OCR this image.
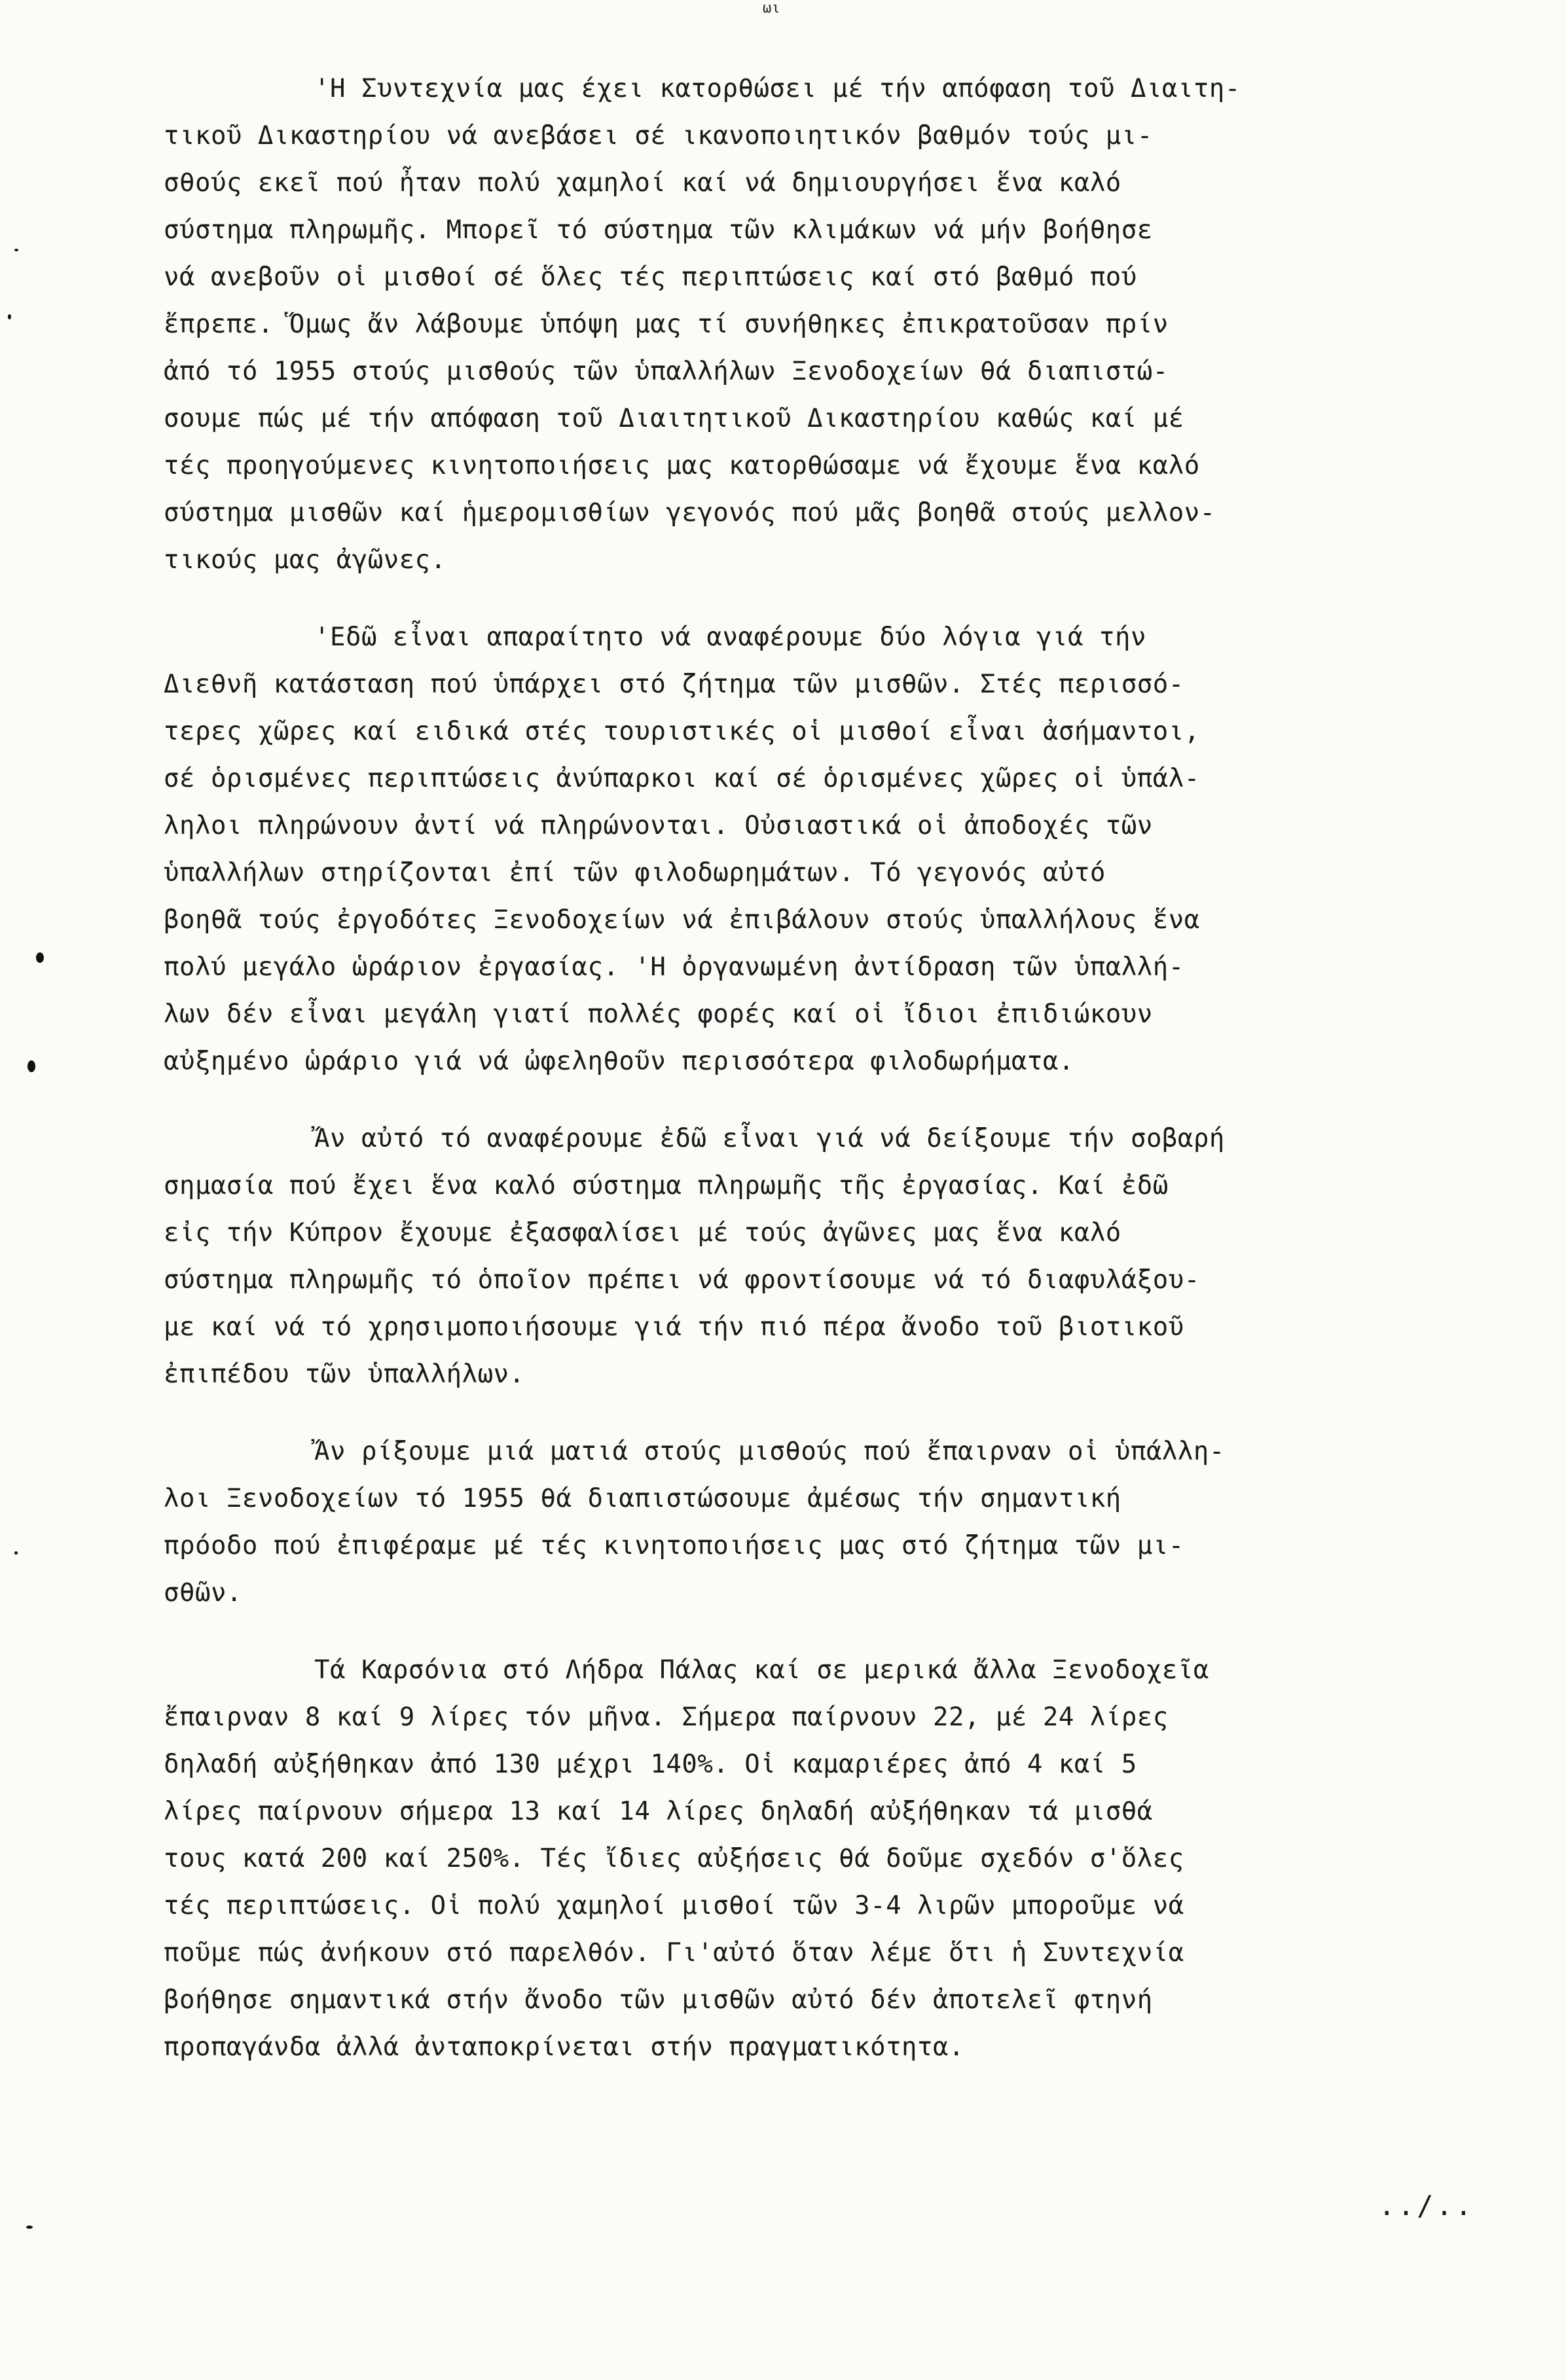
ωι
'Η Συντεχνία μας έχει κατορθώσει μέ τήν απόφαση τοῦ Διαιτη-
τικοῦ Δικαστηρίου νά ανεβάσει σέ ικανοποιητικόν βαθμόν τούς μι-
σθούς εκεῖ πού ἦταν πολύ χαμηλοί καί νά δημιουργήσει ἕνα καλό
σύστημα πληρωμῆς. Μπορεῖ τό σύστημα τῶν κλιμάκων νά μήν βοήθησε
νά ανεβοῦν οἱ μισθοί σέ ὅλες τές περιπτώσεις καί στό βαθμό πού
ἔπρεπε. Ὅμως ἄν λάβουμε ὑπόψη μας τί συνήθηκες ἐπικρατοῦσαν πρίν
ἀπό τό 1955 στούς μισθούς τῶν ὑπαλλήλων Ξενοδοχείων θά διαπιστώ-
σουμε πώς μέ τήν απόφαση τοῦ Διαιτητικοῦ Δικαστηρίου καθώς καί μέ
τές προηγούμενες κινητοποιήσεις μας κατορθώσαμε νά ἔχουμε ἕνα καλό
σύστημα μισθῶν καί ἡμερομισθίων γεγονός πού μᾶς βοηθᾶ στούς μελλον-
τικούς μας ἀγῶνες.
'Εδῶ εἶναι απαραίτητο νά αναφέρουμε δύο λόγια γιά τήν
Διεθνῆ κατάσταση πού ὑπάρχει στό ζήτημα τῶν μισθῶν. Στές περισσό-
τερες χῶρες καί ειδικά στές τουριστικές οἱ μισθοί εἶναι ἀσήμαντοι,
σέ ὁρισμένες περιπτώσεις ἀνύπαρκοι καί σέ ὁρισμένες χῶρες οἱ ὑπάλ-
ληλοι πληρώνουν ἀντί νά πληρώνονται. Οὐσιαστικά οἱ ἀποδοχές τῶν
ὑπαλλήλων στηρίζονται ἐπί τῶν φιλοδωρημάτων. Τό γεγονός αὐτό
βοηθᾶ τούς ἐργοδότες Ξενοδοχείων νά ἐπιβάλουν στούς ὑπαλλήλους ἕνα
πολύ μεγάλο ὡράριον ἐργασίας. 'Η ὀργανωμένη ἀντίδραση τῶν ὑπαλλή-
λων δέν εἶναι μεγάλη γιατί πολλές φορές καί οἱ ἴδιοι ἐπιδιώκουν
αὐξημένο ὡράριο γιά νά ὠφεληθοῦν περισσότερα φιλοδωρήματα.
Ἄν αὐτό τό αναφέρουμε ἐδῶ εἶναι γιά νά δείξουμε τήν σοβαρή
σημασία πού ἔχει ἕνα καλό σύστημα πληρωμῆς τῆς ἐργασίας. Καί ἐδῶ
εἰς τήν Κύπρον ἔχουμε ἐξασφαλίσει μέ τούς ἀγῶνες μας ἕνα καλό
σύστημα πληρωμῆς τό ὁποῖον πρέπει νά φροντίσουμε νά τό διαφυλάξου-
με καί νά τό χρησιμοποιήσουμε γιά τήν πιό πέρα ἄνοδο τοῦ βιοτικοῦ
ἐπιπέδου τῶν ὑπαλλήλων.
Ἄν ρίξουμε μιά ματιά στούς μισθούς πού ἔπαιρναν οἱ ὑπάλλη-
λοι Ξενοδοχείων τό 1955 θά διαπιστώσουμε ἀμέσως τήν σημαντική
πρόοδο πού ἐπιφέραμε μέ τές κινητοποιήσεις μας στό ζήτημα τῶν μι-
σθῶν.
Τά Καρσόνια στό Λήδρα Πάλας καί σε μερικά ἄλλα Ξενοδοχεῖα
ἔπαιρναν 8 καί 9 λίρες τόν μῆνα. Σήμερα παίρνουν 22, μέ 24 λίρες
δηλαδή αὐξήθηκαν ἀπό 130 μέχρι 140%. Οἱ καμαριέρες ἀπό 4 καί 5
λίρες παίρνουν σήμερα 13 καί 14 λίρες δηλαδή αὐξήθηκαν τά μισθά
τους κατά 200 καί 250%. Τές ἴδιες αὐξήσεις θά δοῦμε σχεδόν σ'ὅλες
τές περιπτώσεις. Οἱ πολύ χαμηλοί μισθοί τῶν 3-4 λιρῶν μποροῦμε νά
ποῦμε πώς ἀνήκουν στό παρελθόν. Γι'αὐτό ὅταν λέμε ὅτι ἡ Συντεχνία
βοήθησε σημαντικά στήν ἄνοδο τῶν μισθῶν αὐτό δέν ἀποτελεῖ φτηνή
προπαγάνδα ἀλλά ἀνταποκρίνεται στήν πραγματικότητα.
../..
